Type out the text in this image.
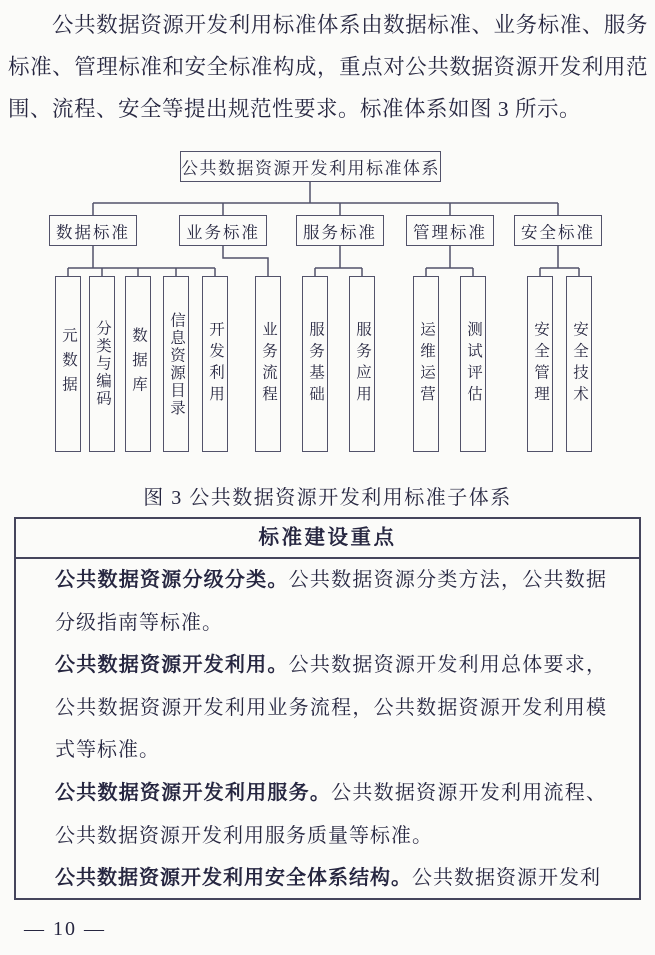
公共数据资源开发利用标准体系由数据标准、业务标准、服务
标准、管理标准和安全标准构成，重点对公共数据资源开发利用范
围、流程、安全等提出规范性要求。标准体系如图 3 所示。
公共数据资源开发利用标准体系
数据标准	业务标准	服务标准	管理标准	安全标准
元数据	分类与编码	数据库	信息资源目录	开发利用	业务流程	服务基础	服务应用	运维运营	测试评估	安全管理	安全技术
图 3 公共数据资源开发利用标准子体系
标准建设重点

公共数据资源分级分类。公共数据资源分类方法，公共数据分级指南等标准。

公共数据资源开发利用。公共数据资源开发利用总体要求，公共数据资源开发利用业务流程，公共数据资源开发利用模式等标准。

公共数据资源开发利用服务。公共数据资源开发利用流程、公共数据资源开发利用服务质量等标准。

公共数据资源开发利用安全体系结构。公共数据资源开发利

— 10 —
